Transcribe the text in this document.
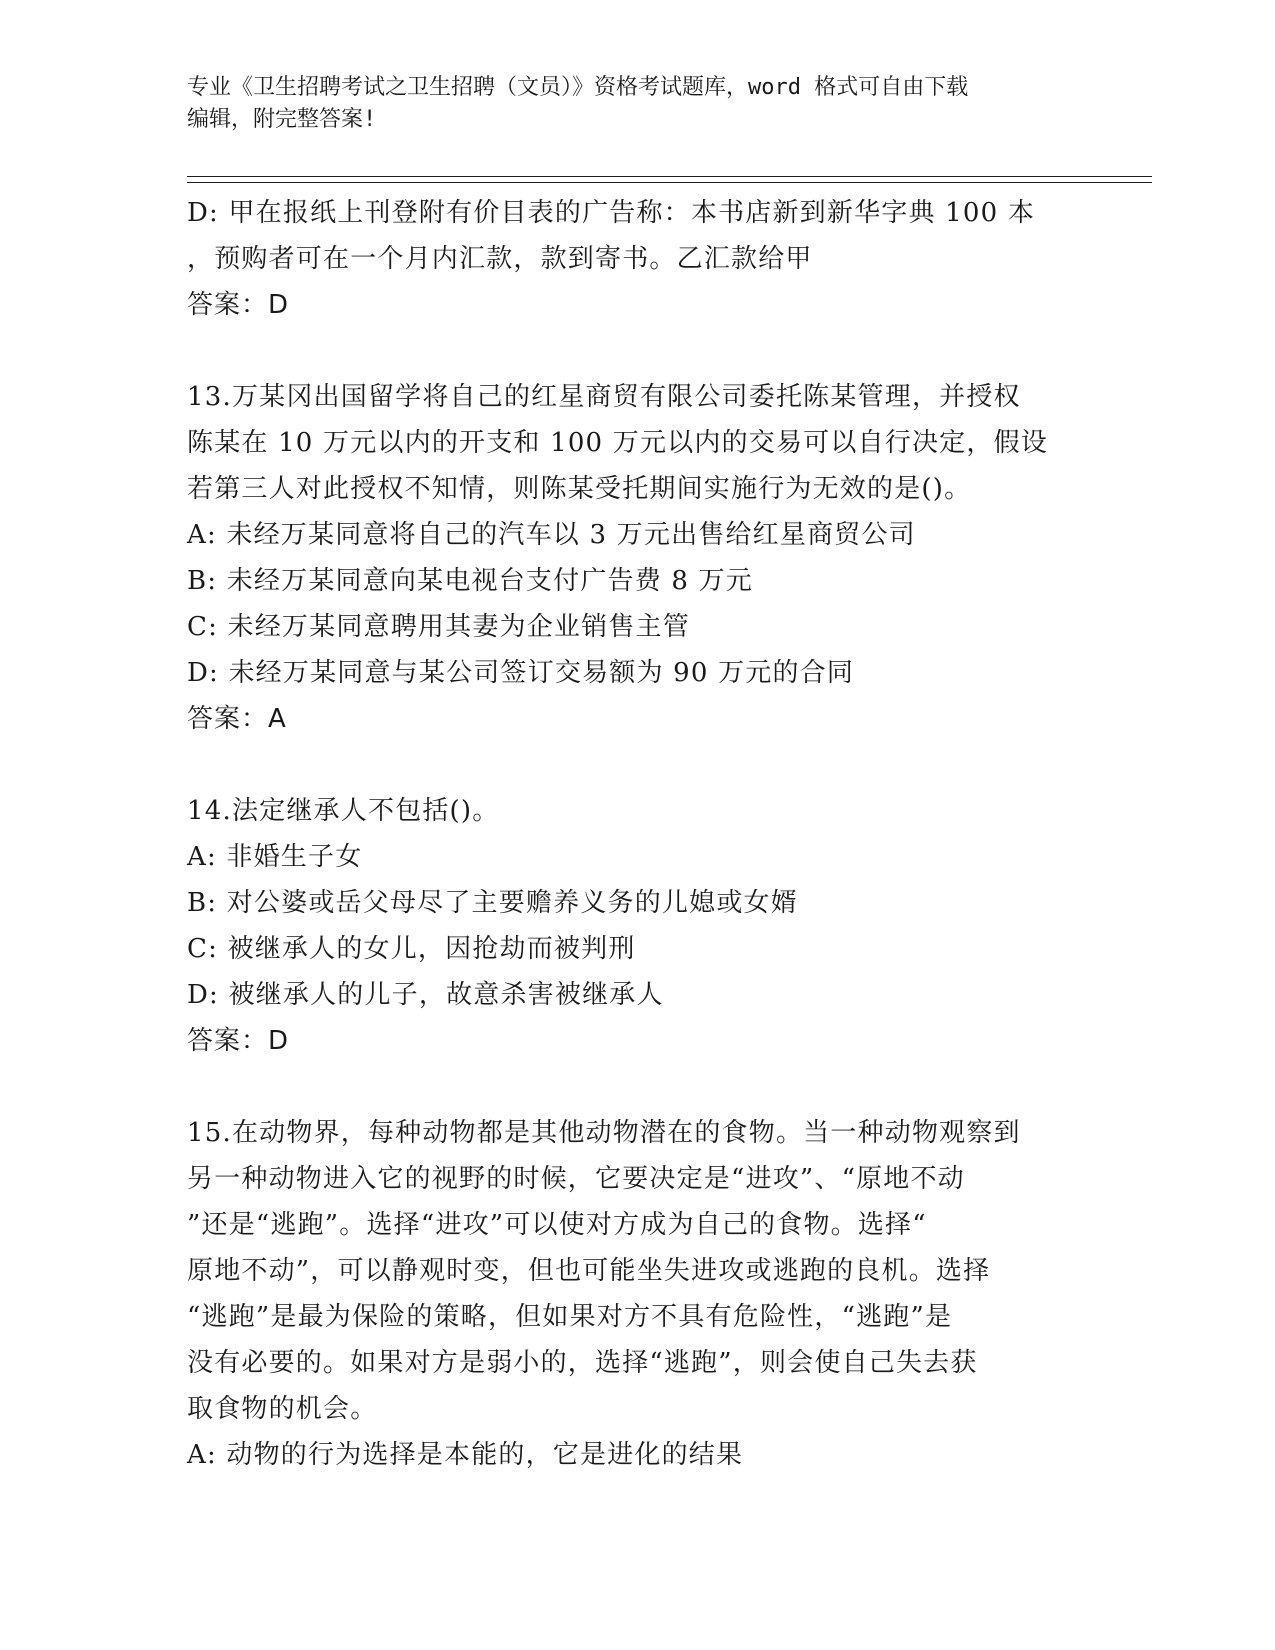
专业《卫生招聘考试之卫生招聘（文员）》资格考试题库，word 格式可自由下载
编辑，附完整答案!
D: 甲在报纸上刊登附有价目表的广告称：本书店新到新华字典 100 本
，预购者可在一个月内汇款，款到寄书。乙汇款给甲
答案：D
13.万某冈出国留学将自己的红星商贸有限公司委托陈某管理，并授权
陈某在 10 万元以内的开支和 100 万元以内的交易可以自行决定，假设
若第三人对此授权不知情，则陈某受托期间实施行为无效的是()。
A: 未经万某同意将自己的汽车以 3 万元出售给红星商贸公司
B: 未经万某同意向某电视台支付广告费 8 万元
C: 未经万某同意聘用其妻为企业销售主管
D: 未经万某同意与某公司签订交易额为 90 万元的合同
答案：A
14.法定继承人不包括()。
A: 非婚生子女
B: 对公婆或岳父母尽了主要赡养义务的儿媳或女婿
C: 被继承人的女儿，因抢劫而被判刑
D: 被继承人的儿子，故意杀害被继承人
答案：D
15.在动物界，每种动物都是其他动物潜在的食物。当一种动物观察到
另一种动物进入它的视野的时候，它要决定是“进攻”、“原地不动
”还是“逃跑”。选择“进攻”可以使对方成为自己的食物。选择“
原地不动”，可以静观时变，但也可能坐失进攻或逃跑的良机。选择
“逃跑”是最为保险的策略，但如果对方不具有危险性，“逃跑”是
没有必要的。如果对方是弱小的，选择“逃跑”，则会使自己失去获
取食物的机会。
A: 动物的行为选择是本能的，它是进化的结果
